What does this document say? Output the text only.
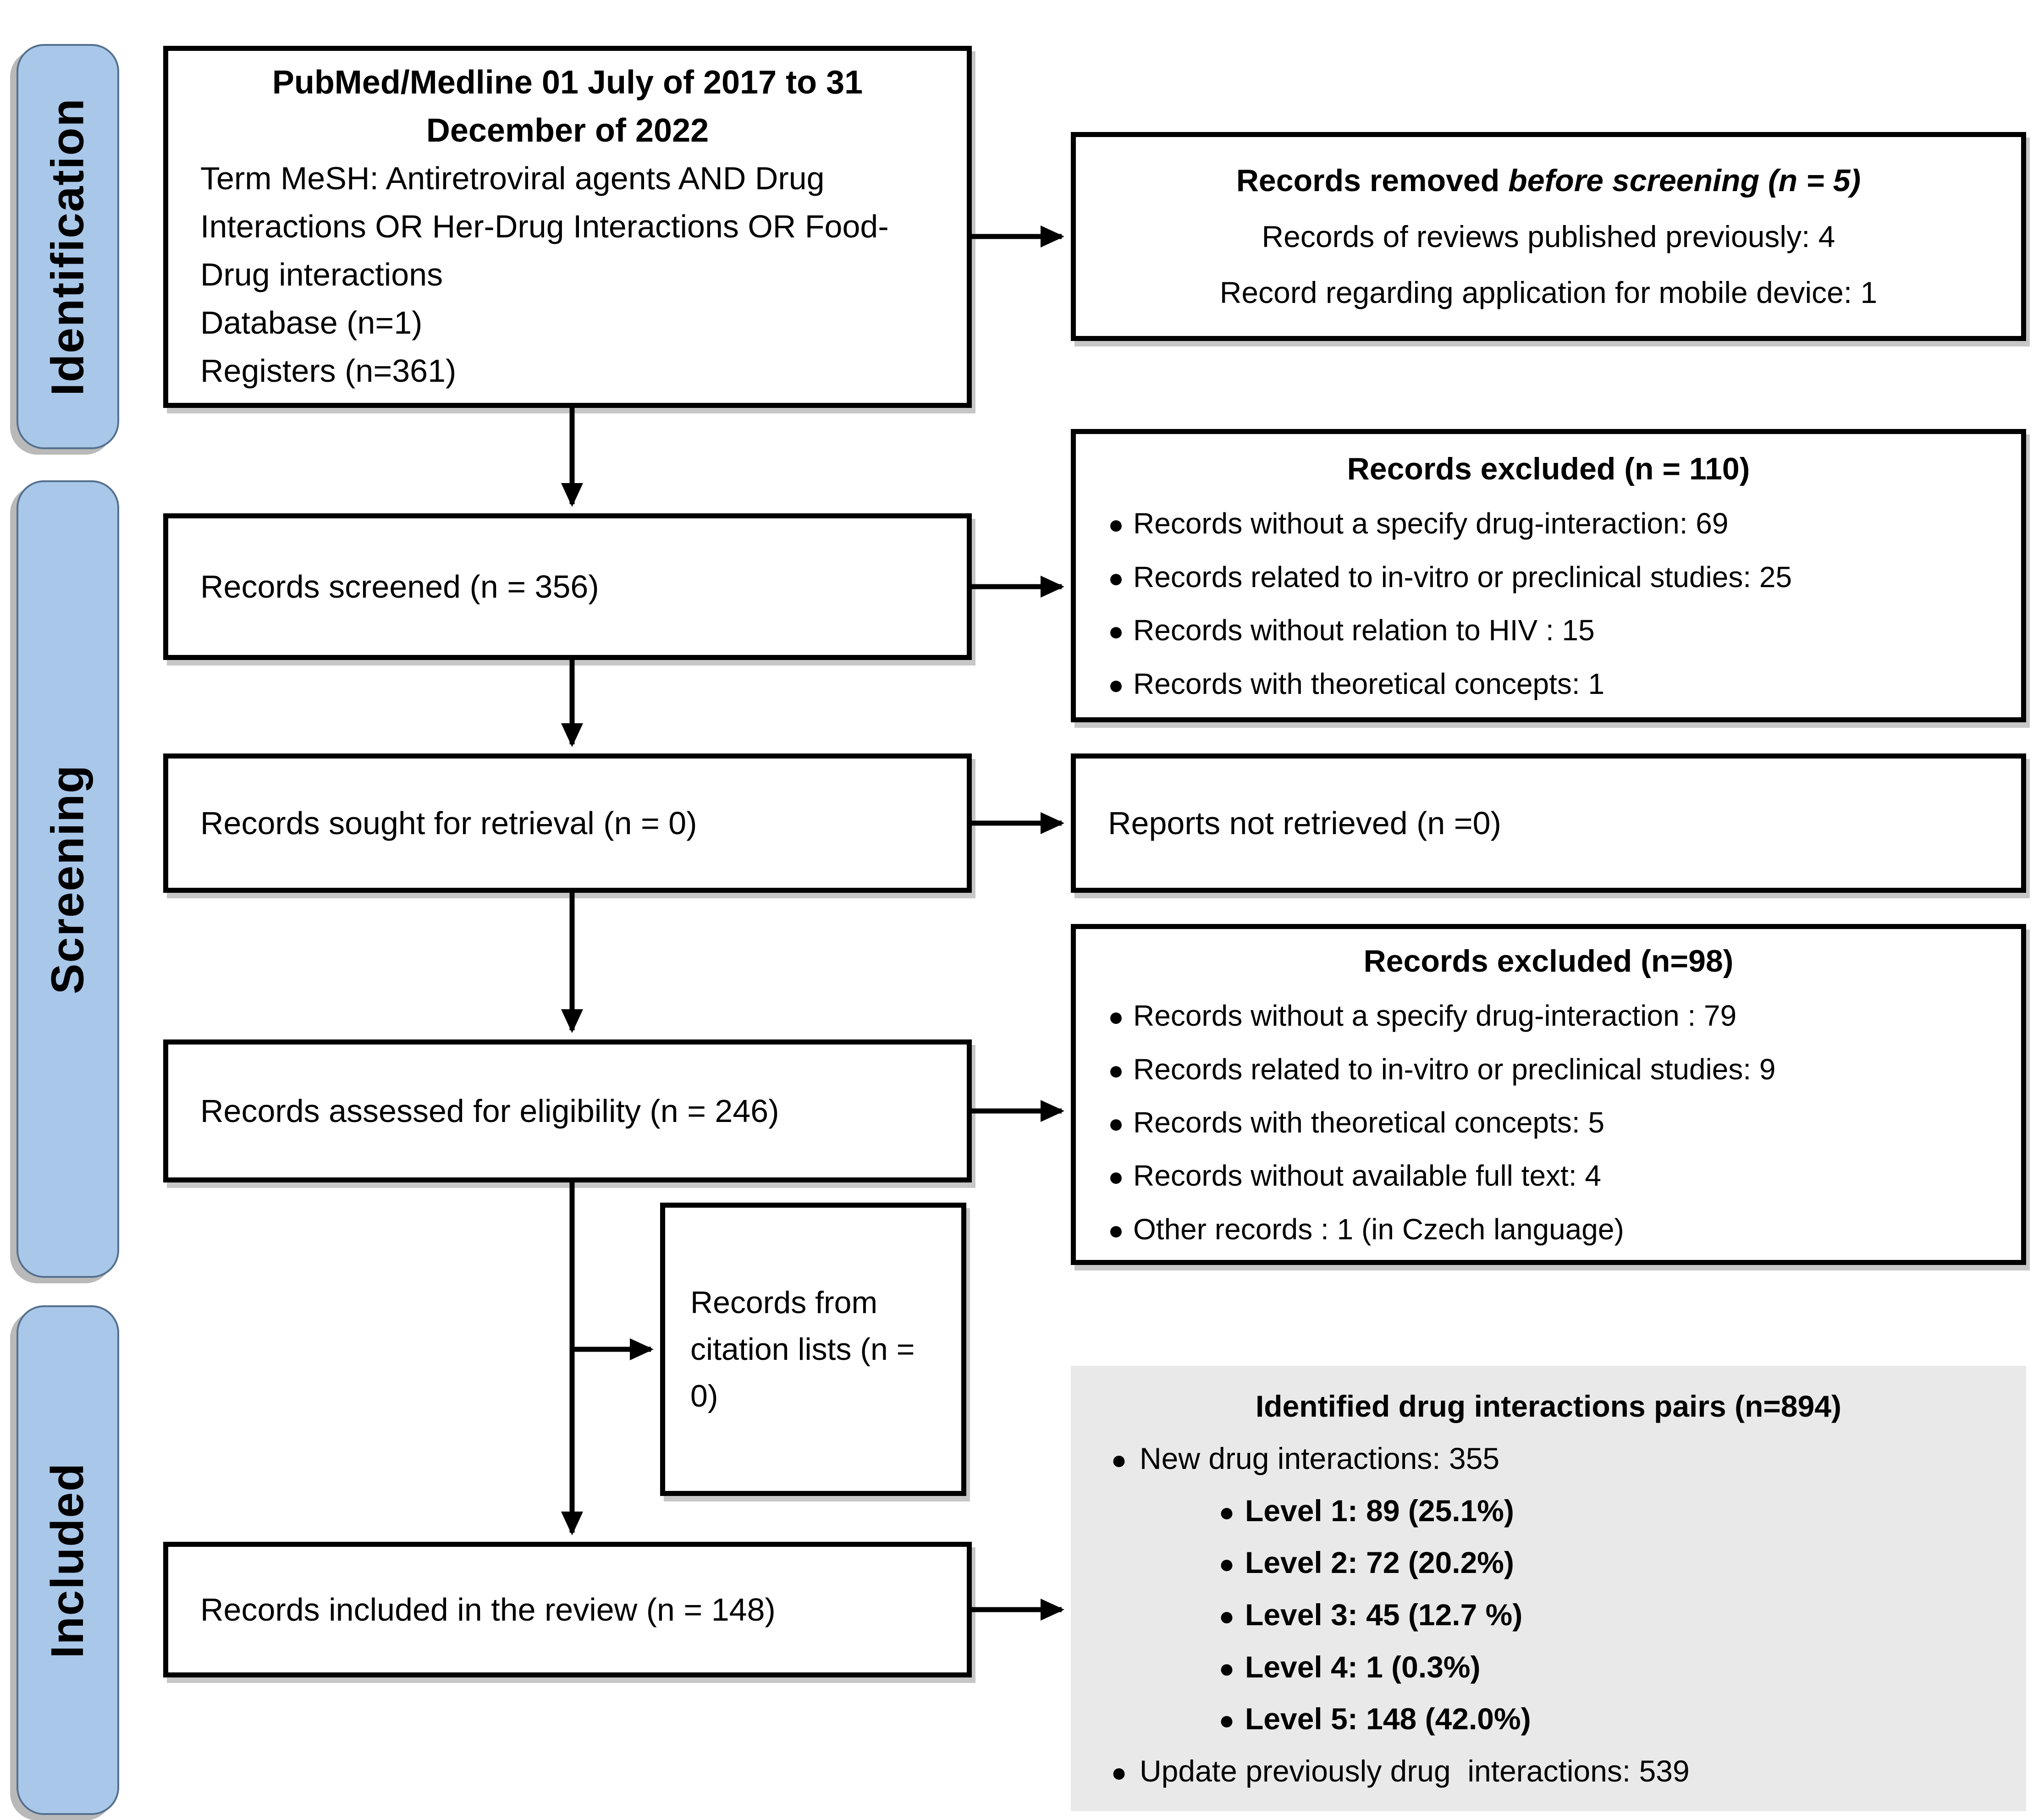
Identification
Screening
Included
PubMed/Medline 01 July of 2017 to 31 December of 2022
Term MeSH: Antiretroviral agents AND Drug Interactions OR Her-Drug Interactions OR Food-Drug interactions
Database (n=1)
Registers (n=361)
Records screened (n = 356)
Records sought for retrieval (n = 0)
Records assessed for eligibility (n = 246)
Records from citation lists (n = 0)
Records included in the review (n = 148)
Records removed before screening (n = 5)
Records of reviews published previously: 4
Record regarding application for mobile device: 1
Records excluded (n = 110)
● Records without a specify drug-interaction: 69
● Records related to in-vitro or preclinical studies: 25
● Records without relation to HIV : 15
● Records with theoretical concepts: 1
Reports not retrieved (n =0)
Records excluded (n=98)
● Records without a specify drug-interaction : 79
● Records related to in-vitro or preclinical studies: 9
● Records with theoretical concepts: 5
● Records without available full text: 4
● Other records : 1 (in Czech language)
Identified drug interactions pairs (n=894)
● New drug interactions: 355
● Level 1: 89 (25.1%)
● Level 2: 72 (20.2%)
● Level 3: 45 (12.7 %)
● Level 4: 1 (0.3%)
● Level 5: 148 (42.0%)
● Update previously drug  interactions: 539
